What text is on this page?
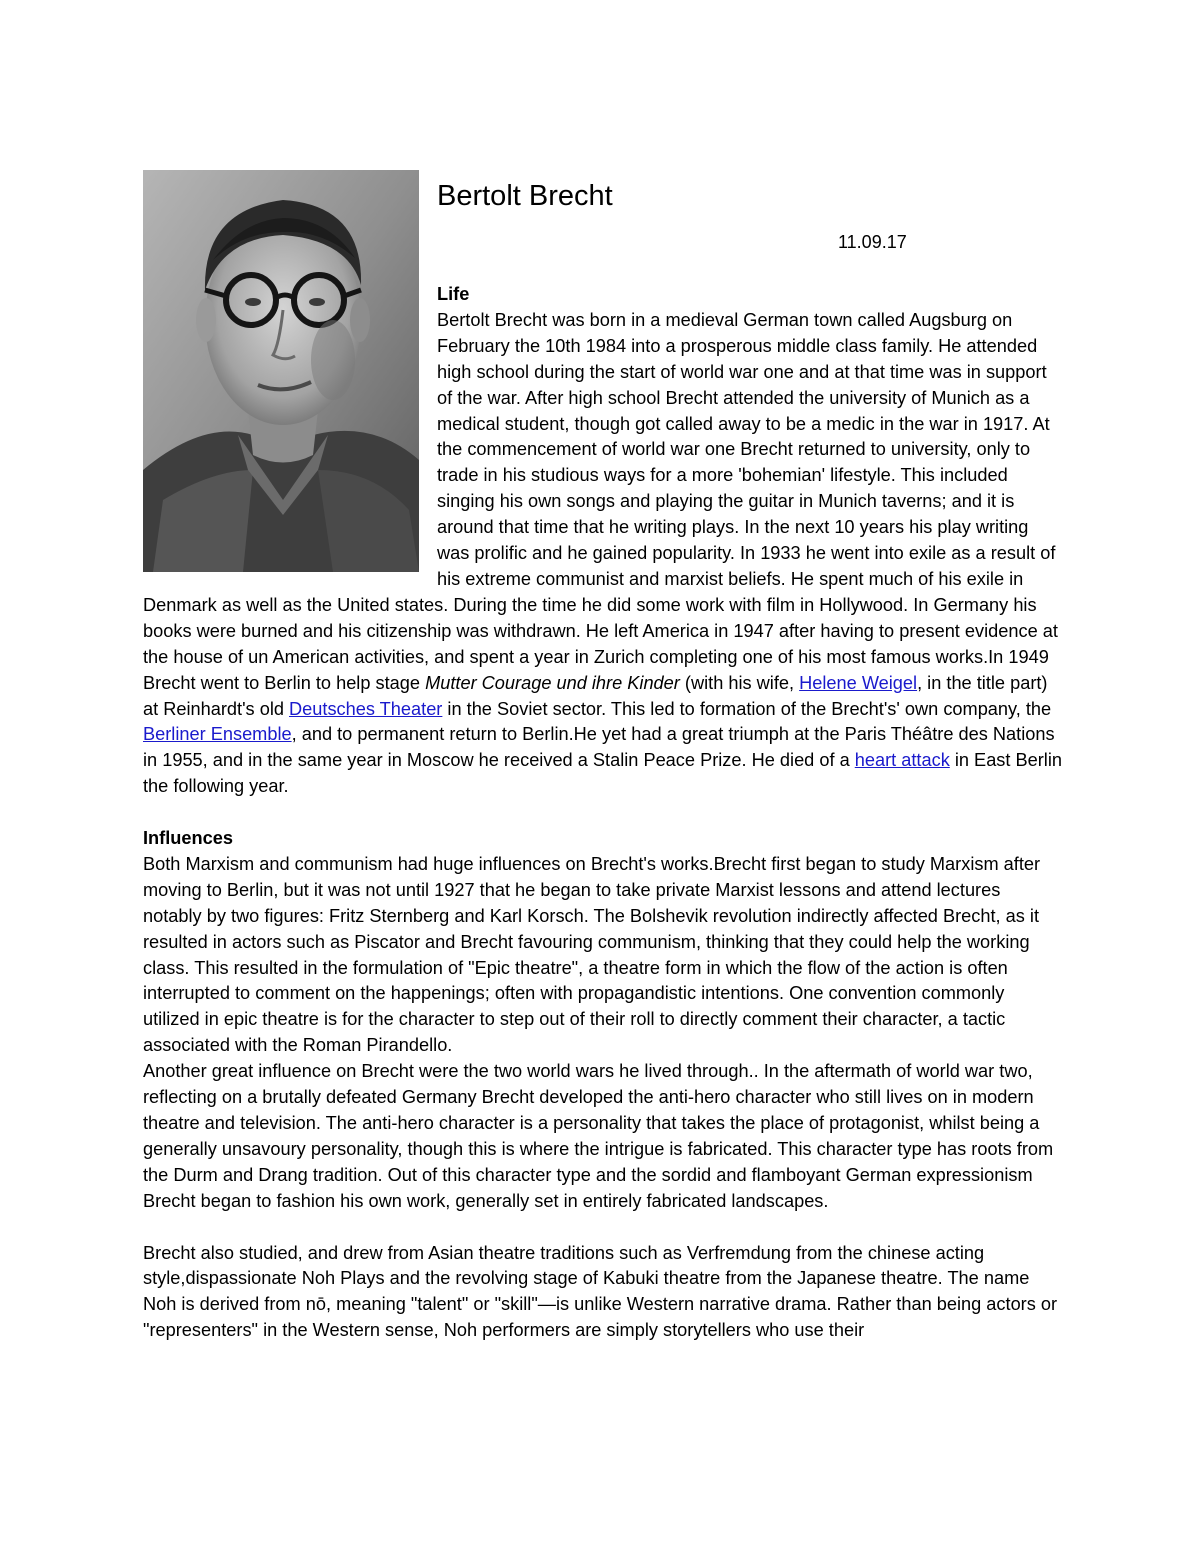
Bertolt Brecht
11.09.17

Life

Bertolt Brecht was born in a medieval German town called Augsburg on February the 10th 1984 into a prosperous middle class family. He attended high school during the start of world war one and at that time was in support of the war. After high school Brecht attended the university of Munich as a medical student, though got called away to be a medic in the war in 1917. At the commencement of world war one Brecht returned to university, only to trade in his studious ways for a more 'bohemian' lifestyle. This included singing his own songs and playing the guitar in Munich taverns; and it is around that time that he writing plays. In the next 10 years his play writing was prolific and he gained popularity. In 1933 he went into exile as a result of his extreme communist and marxist beliefs. He spent much of his exile in Denmark as well as the United states. During the time he did some work with film in Hollywood. In Germany his books were burned and his citizenship was withdrawn. He left America in 1947 after having to present evidence at the house of un American activities, and spent a year in Zurich completing one of his most famous works.In 1949 Brecht went to Berlin to help stage Mutter Courage und ihre Kinder (with his wife, Helene Weigel, in the title part) at Reinhardt's old Deutsches Theater in the Soviet sector. This led to formation of the Brecht's' own company, the Berliner Ensemble, and to permanent return to Berlin.He yet had a great triumph at the Paris Théâtre des Nations in 1955, and in the same year in Moscow he received a Stalin Peace Prize. He died of a heart attack in East Berlin the following year.

Influences

Both Marxism and communism had huge influences on Brecht's works.Brecht first began to study Marxism after moving to Berlin, but it was not until 1927 that he began to take private Marxist lessons and attend lectures notably by two figures: Fritz Sternberg and Karl Korsch. The Bolshevik revolution indirectly affected Brecht, as it resulted in actors such as Piscator and Brecht favouring communism, thinking that they could help the working class. This resulted in the formulation of "Epic theatre", a theatre form in which the flow of the action is often interrupted to comment on the happenings; often with propagandistic intentions. One convention commonly utilized in epic theatre is for the character to step out of their roll to directly comment their character, a tactic associated with the Roman Pirandello.

Another great influence on Brecht were the two world wars he lived through.. In the aftermath of world war two, reflecting on a brutally defeated Germany Brecht developed the anti-hero character who still lives on in modern theatre and television. The anti-hero character is a personality that takes the place of protagonist, whilst being a generally unsavoury personality, though this is where the intrigue is fabricated. This character type has roots from the Durm and Drang tradition. Out of this character type and the sordid and flamboyant German expressionism Brecht began to fashion his own work, generally set in entirely fabricated landscapes.

Brecht also studied, and drew from Asian theatre traditions such as Verfremdung from the chinese acting style,dispassionate Noh Plays and the revolving stage of Kabuki theatre from the Japanese theatre. The name Noh is derived from nō, meaning "talent" or "skill"—is unlike Western narrative drama. Rather than being actors or "representers" in the Western sense, Noh performers are simply storytellers who use their
